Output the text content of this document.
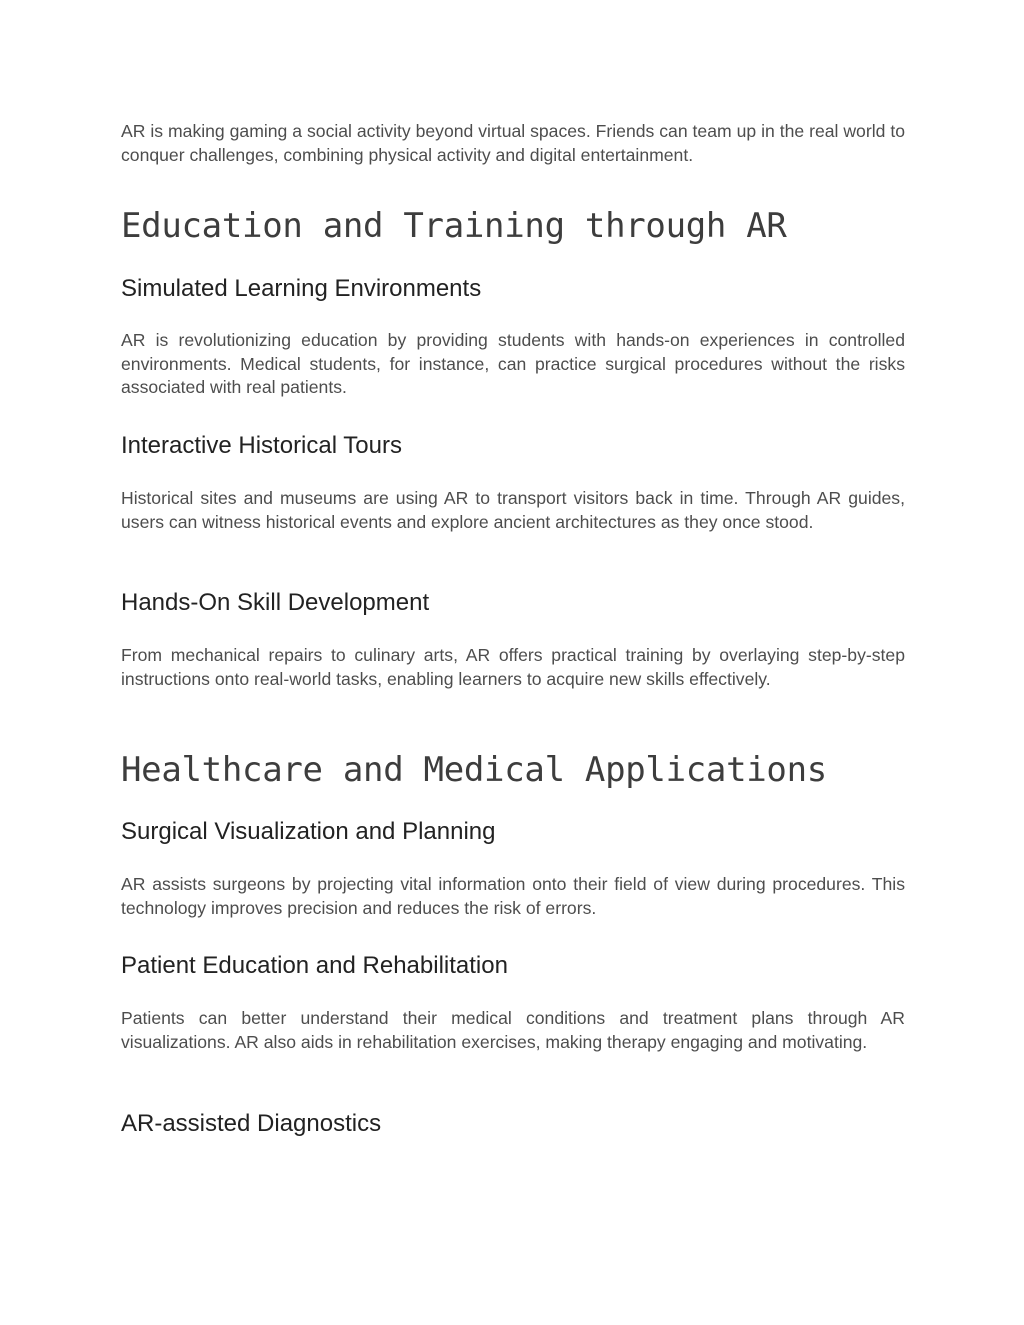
AR is making gaming a social activity beyond virtual spaces. Friends can team up in the real world to conquer challenges, combining physical activity and digital entertainment.

Education and Training through AR
Simulated Learning Environments

AR is revolutionizing education by providing students with hands-on experiences in controlled environments. Medical students, for instance, can practice surgical procedures without the risks associated with real patients.

Interactive Historical Tours

Historical sites and museums are using AR to transport visitors back in time. Through AR guides, users can witness historical events and explore ancient architectures as they once stood.

Hands-On Skill Development

From mechanical repairs to culinary arts, AR offers practical training by overlaying step-by-step instructions onto real-world tasks, enabling learners to acquire new skills effectively.

Healthcare and Medical Applications
Surgical Visualization and Planning

AR assists surgeons by projecting vital information onto their field of view during procedures. This technology improves precision and reduces the risk of errors.

Patient Education and Rehabilitation

Patients can better understand their medical conditions and treatment plans through AR visualizations. AR also aids in rehabilitation exercises, making therapy engaging and motivating.

AR-assisted Diagnostics
